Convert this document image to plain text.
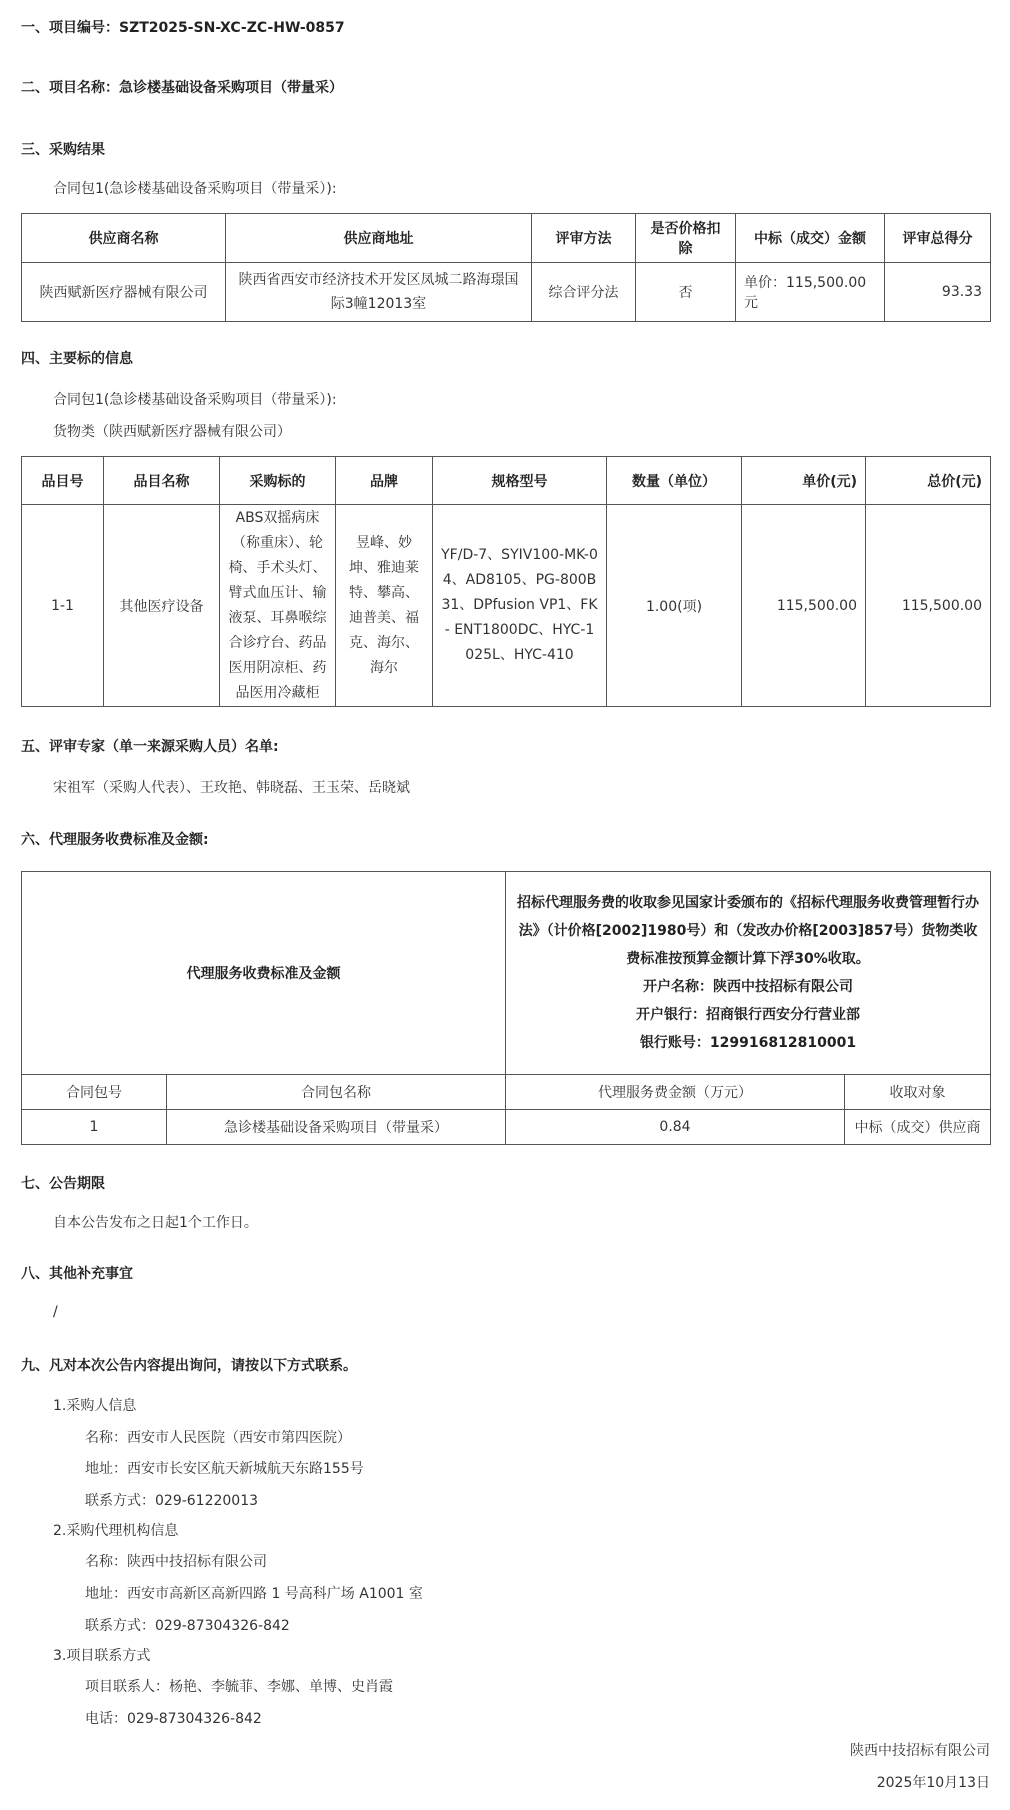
一、项目编号：SZT2025-SN-XC-ZC-HW-0857
二、项目名称：急诊楼基础设备采购项目（带量采）
三、采购结果
合同包1(急诊楼基础设备采购项目（带量采）):
供应商名称	供应商地址	评审方法	是否价格扣除	中标（成交）金额	评审总得分
陕西赋新医疗器械有限公司	陕西省西安市经济技术开发区凤城二路海璟国际3幢12013室	综合评分法	否	单价：115,500.00元	93.33
四、主要标的信息
合同包1(急诊楼基础设备采购项目（带量采）):
货物类（陕西赋新医疗器械有限公司）
品目号	品目名称	采购标的	品牌	规格型号	数量（单位）	单价(元)	总价(元)
1-1	其他医疗设备	ABS双摇病床（称重床）、轮椅、手术头灯、臂式血压计、输液泵、耳鼻喉综合诊疗台、药品医用阴凉柜、药品医用冷藏柜	昱峰、妙坤、雅迪莱特、攀高、迪普美、福克、海尔、海尔	YF/D-7、SYIV100-MK-04、AD8105、PG-800B31、DPfusion VP1、FK - ENT1800DC、HYC-1025L、HYC-410	1.00(项)	115,500.00	115,500.00
五、评审专家（单一来源采购人员）名单:
宋祖军（采购人代表）、王玫艳、韩晓磊、王玉荣、岳晓斌
六、代理服务收费标准及金额:
代理服务收费标准及金额		招标代理服务费的收取参见国家计委颁布的《招标代理服务收费管理暂行办法》（计价格[2002]1980号）和（发改办价格[2003]857号）货物类收费标准按预算金额计算下浮30%收取。
开户名称：陕西中技招标有限公司
开户银行：招商银行西安分行营业部
银行账号：129916812810001	

合同包号	合同包名称	代理服务费金额（万元）	收取对象
1	急诊楼基础设备采购项目（带量采）	0.84	中标（成交）供应商
七、公告期限
自本公告发布之日起1个工作日。
八、其他补充事宜
/
九、凡对本次公告内容提出询问，请按以下方式联系。
1.采购人信息
名称：西安市人民医院（西安市第四医院）
地址：西安市长安区航天新城航天东路155号
联系方式：029-61220013
2.采购代理机构信息
名称：陕西中技招标有限公司
地址：西安市高新区高新四路 1 号高科广场 A1001 室
联系方式：029-87304326-842
3.项目联系方式
项目联系人：杨艳、李毓菲、李娜、单博、史肖霞
电话：029-87304326-842
陕西中技招标有限公司
2025年10月13日
